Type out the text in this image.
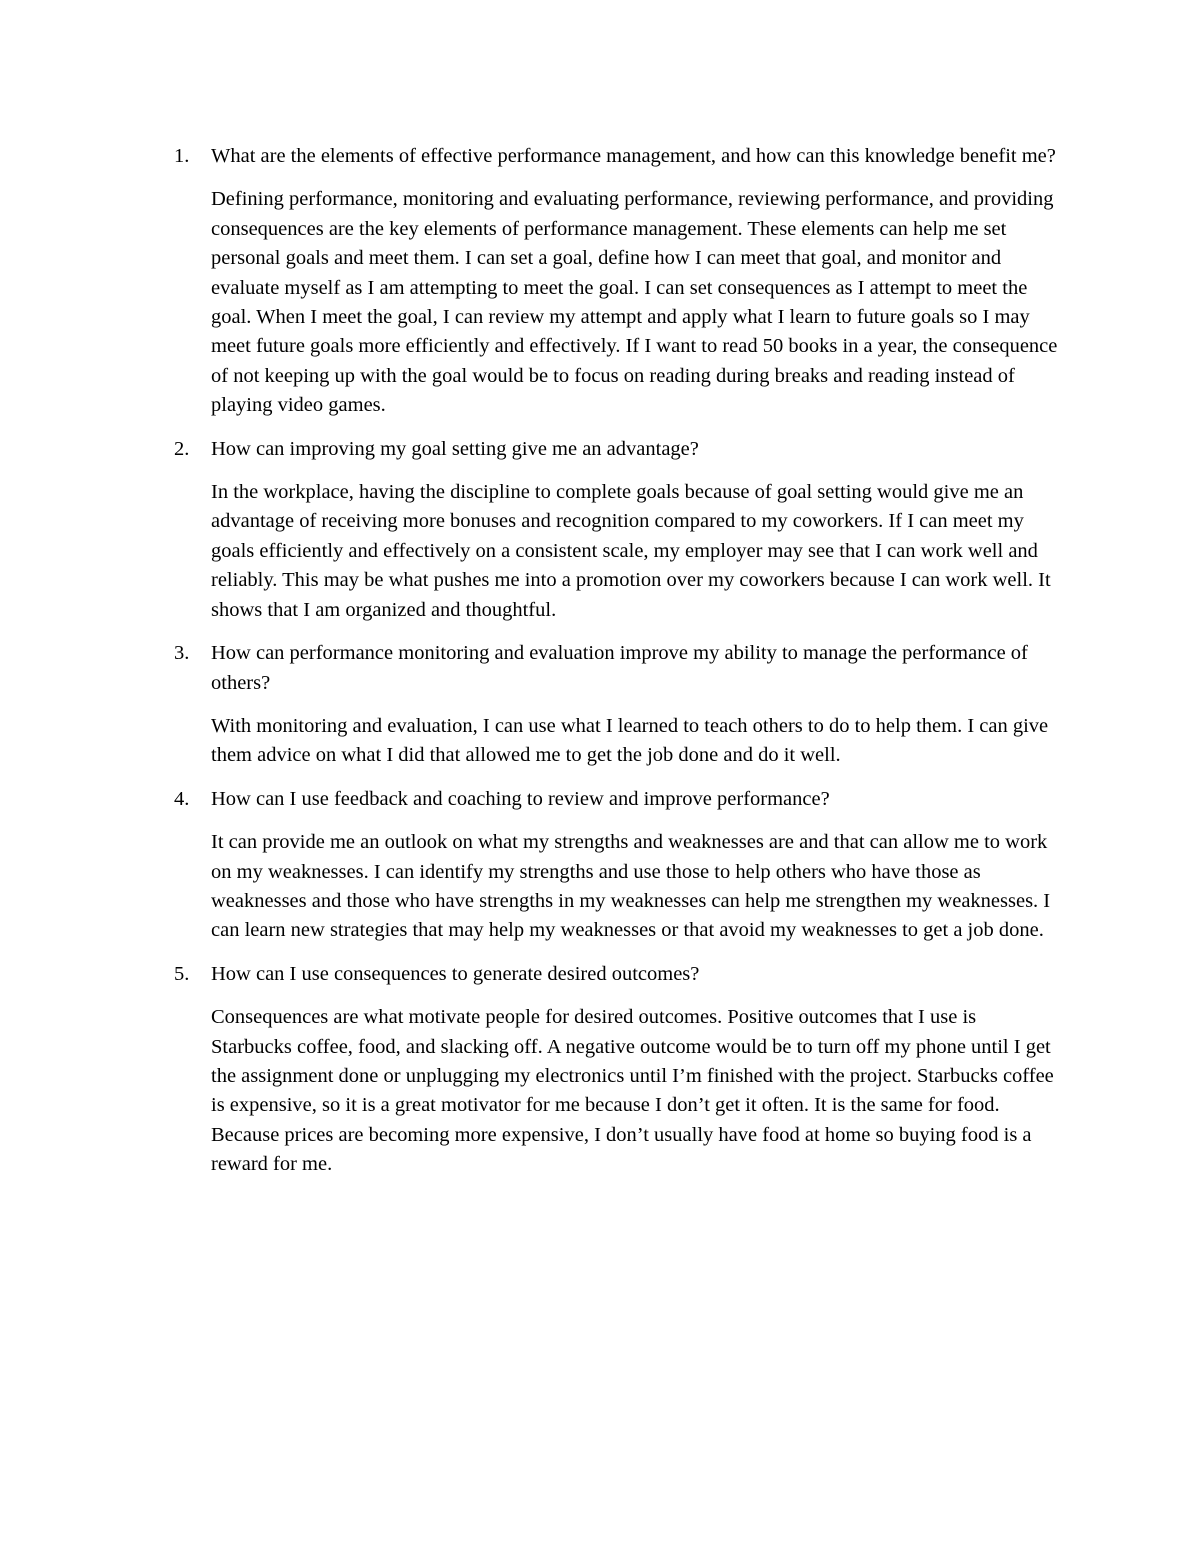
1.	What are the elements of effective performance management, and how can this knowledge benefit me?

Defining performance, monitoring and evaluating performance, reviewing performance, and providing consequences are the key elements of performance management. These elements can help me set personal goals and meet them. I can set a goal, define how I can meet that goal, and monitor and evaluate myself as I am attempting to meet the goal. I can set consequences as I attempt to meet the goal. When I meet the goal, I can review my attempt and apply what I learn to future goals so I may meet future goals more efficiently and effectively. If I want to read 50 books in a year, the consequence of not keeping up with the goal would be to focus on reading during breaks and reading instead of playing video games.

2.	How can improving my goal setting give me an advantage?

In the workplace, having the discipline to complete goals because of goal setting would give me an advantage of receiving more bonuses and recognition compared to my coworkers. If I can meet my goals efficiently and effectively on a consistent scale, my employer may see that I can work well and reliably. This may be what pushes me into a promotion over my coworkers because I can work well. It shows that I am organized and thoughtful.

3.	How can performance monitoring and evaluation improve my ability to manage the performance of others?

With monitoring and evaluation, I can use what I learned to teach others to do to help them. I can give them advice on what I did that allowed me to get the job done and do it well.

4.	How can I use feedback and coaching to review and improve performance?

It can provide me an outlook on what my strengths and weaknesses are and that can allow me to work on my weaknesses. I can identify my strengths and use those to help others who have those as weaknesses and those who have strengths in my weaknesses can help me strengthen my weaknesses. I can learn new strategies that may help my weaknesses or that avoid my weaknesses to get a job done.

5.	How can I use consequences to generate desired outcomes?

Consequences are what motivate people for desired outcomes. Positive outcomes that I use is Starbucks coffee, food, and slacking off. A negative outcome would be to turn off my phone until I get the assignment done or unplugging my electronics until I’m finished with the project. Starbucks coffee is expensive, so it is a great motivator for me because I don’t get it often. It is the same for food. Because prices are becoming more expensive, I don’t usually have food at home so buying food is a reward for me.
